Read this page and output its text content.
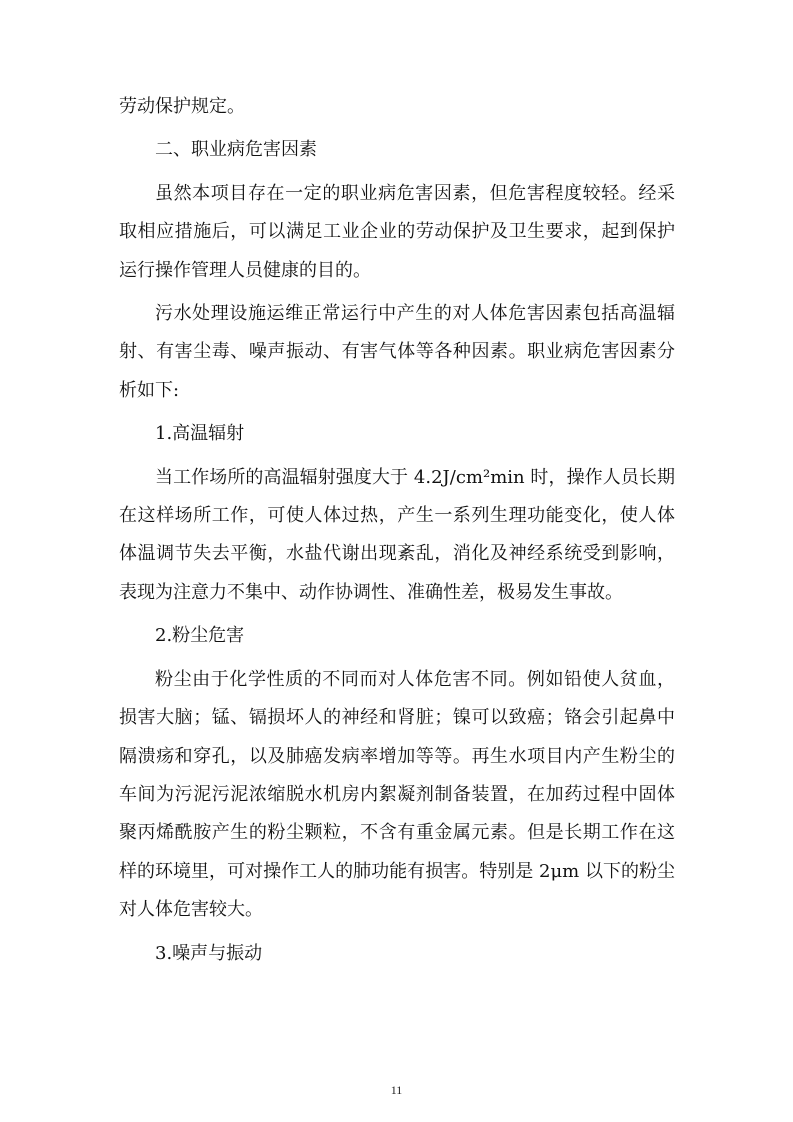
劳动保护规定。

二、职业病危害因素

虽然本项目存在一定的职业病危害因素，但危害程度较轻。经采取相应措施后，可以满足工业企业的劳动保护及卫生要求，起到保护运行操作管理人员健康的目的。

污水处理设施运维正常运行中产生的对人体危害因素包括高温辐射、有害尘毒、噪声振动、有害气体等各种因素。职业病危害因素分析如下:

1.高温辐射

当工作场所的高温辐射强度大于 4.2J/cm²min 时，操作人员长期在这样场所工作，可使人体过热，产生一系列生理功能变化，使人体体温调节失去平衡，水盐代谢出现紊乱，消化及神经系统受到影响，表现为注意力不集中、动作协调性、准确性差，极易发生事故。

2.粉尘危害

粉尘由于化学性质的不同而对人体危害不同。例如铅使人贫血，损害大脑；锰、镉损坏人的神经和肾脏；镍可以致癌；铬会引起鼻中隔溃疡和穿孔，以及肺癌发病率增加等等。再生水项目内产生粉尘的车间为污泥污泥浓缩脱水机房内絮凝剂制备装置，在加药过程中固体聚丙烯酰胺产生的粉尘颗粒，不含有重金属元素。但是长期工作在这样的环境里，可对操作工人的肺功能有损害。特别是 2μm 以下的粉尘对人体危害较大。

3.噪声与振动

11
